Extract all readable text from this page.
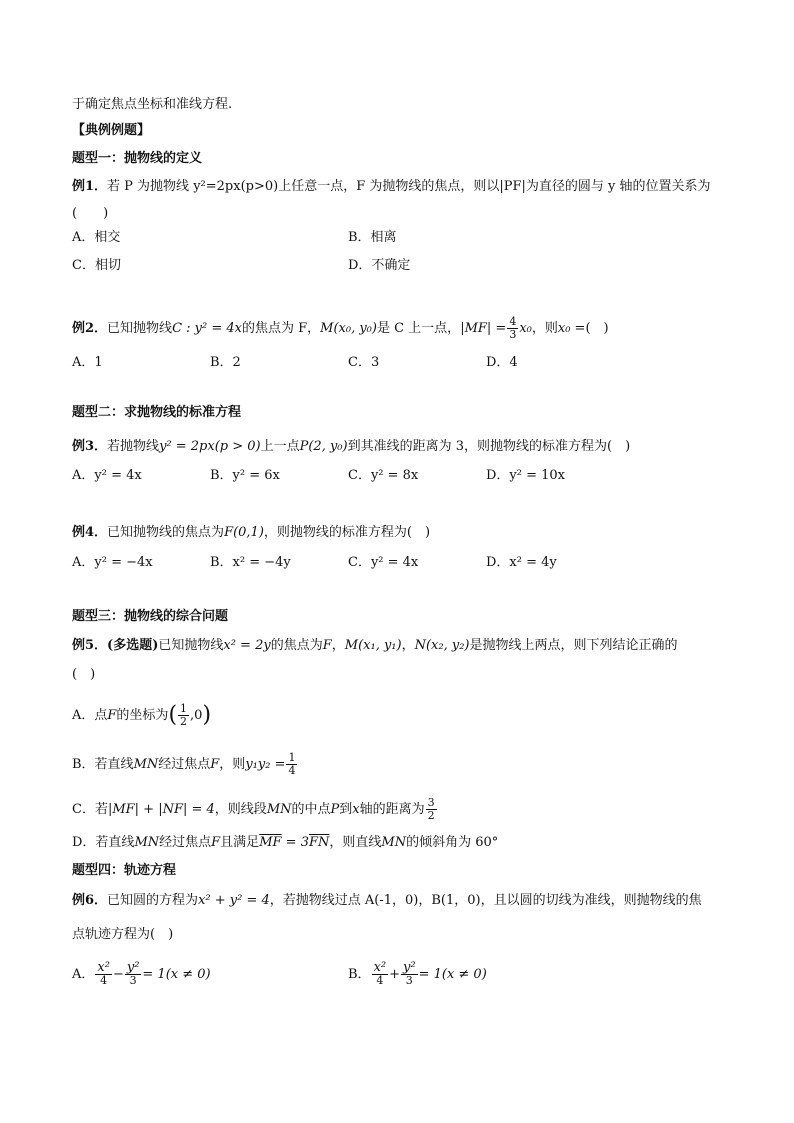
于确定焦点坐标和准线方程.
【典例例题】
题型一：抛物线的定义
例1．若 P 为抛物线 y²=2px(p>0)上任意一点，F 为抛物线的焦点，则以|PF|为直径的圆与 y 轴的位置关系为
(　　)
A．相交	B．相离
C．相切	D．不确定
例2．已知抛物线C : y² = 4x的焦点为 F，M(x₀, y₀)是 C 上一点，$|MF| = \frac{4}{3} x_0$，则x₀ =(　)
A．1	B．2	C．3	D．4
题型二：求抛物线的标准方程
例3．若抛物线y² = 2px(p > 0)上一点P(2, y₀)到其准线的距离为 3，则抛物线的标准方程为(　)
A．y² = 4x	B．y² = 6x	C．y² = 8x	D．y² = 10x
例4．已知抛物线的焦点为F(0,1)，则抛物线的标准方程为(　)
A．y² = −4x	B．x² = −4y	C．y² = 4x	D．x² = 4y
题型三：抛物线的综合问题
例5．(多选题)已知抛物线x² = 2y的焦点为F，M(x₁, y₁)，N(x₂, y₂)是抛物线上两点，则下列结论正确的
(　)
A．点F的坐标为( $\frac{1}{2} ,0$)
B．若直线MN经过焦点F，则$y_1y_2 = \frac{1}{4}$
C．若|MF| + |NF| = 4，则线段MN的中点P到x轴的距离为 $\frac{3}{2}$
D．若直线MN经过焦点F且满足$\overline{MF} = 3\overline{FN}$，则直线MN的倾斜角为 60°
题型四：轨迹方程
例6．已知圆的方程为x² + y² = 4，若抛物线过点 A(-1，0)，B(1，0)，且以圆的切线为准线，则抛物线的焦
点轨迹方程为(　)
A． $\frac{\text{x²}}{4} - \frac{\text{y²}}{3} = 1(x \ne 0)$	B． $\frac{\text{x²}}{4} + \frac{\text{y²}}{3} = 1(x \ne 0)$
